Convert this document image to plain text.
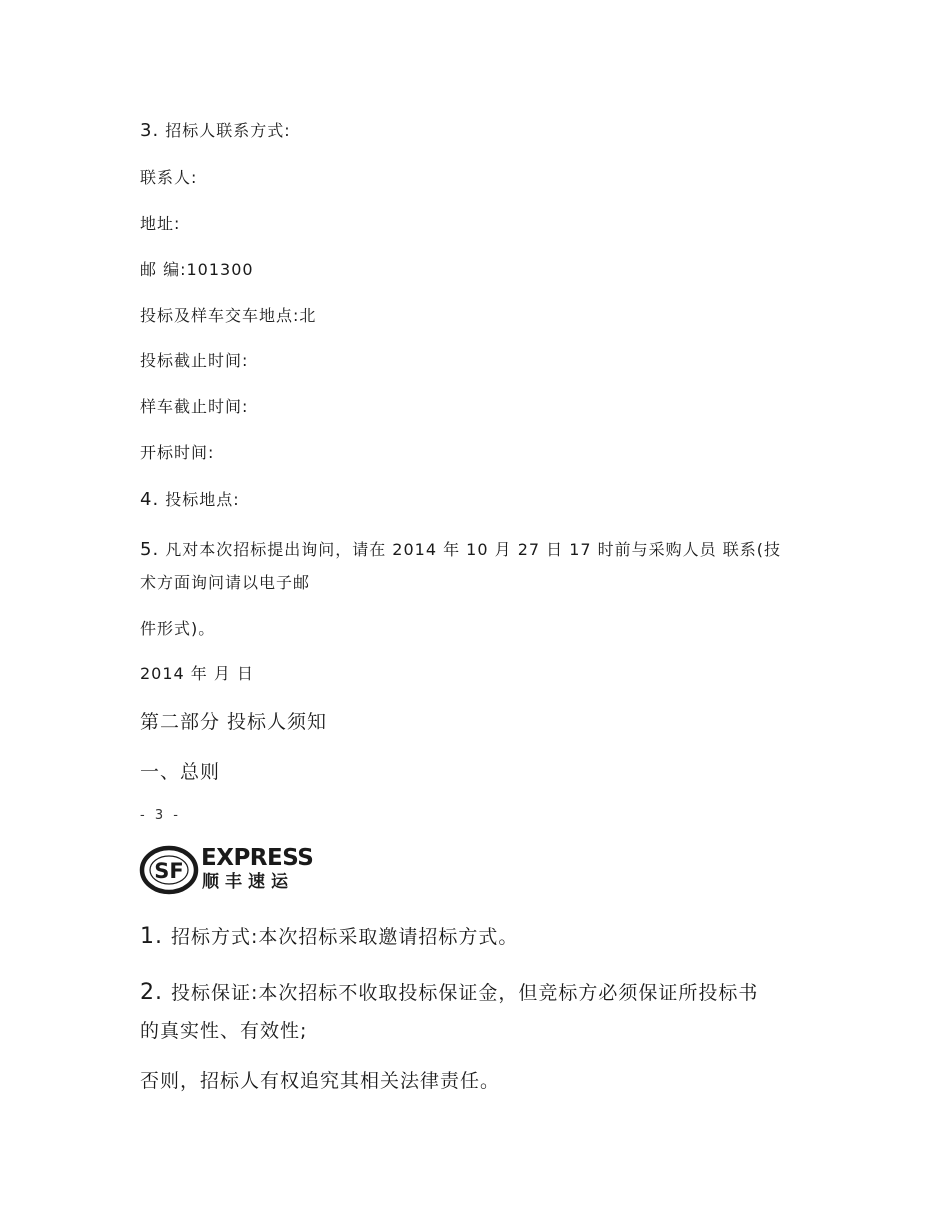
3. 招标人联系方式:
联系人:
地址:
邮 编:101300
投标及样车交车地点:北
投标截止时间:
样车截止时间:
开标时间:
4. 投标地点:
5. 凡对本次招标提出询问，请在 2014 年 10 月 27 日 17 时前与采购人员 联系(技
术方面询问请以电子邮
件形式)。
2014 年 月 日
第二部分 投标人须知
一、总则
- 3 -
SF EXPRESS
顺丰速运
1. 招标方式:本次招标采取邀请招标方式。
2. 投标保证:本次招标不收取投标保证金，但竞标方必须保证所投标书
的真实性、有效性;
否则，招标人有权追究其相关法律责任。
